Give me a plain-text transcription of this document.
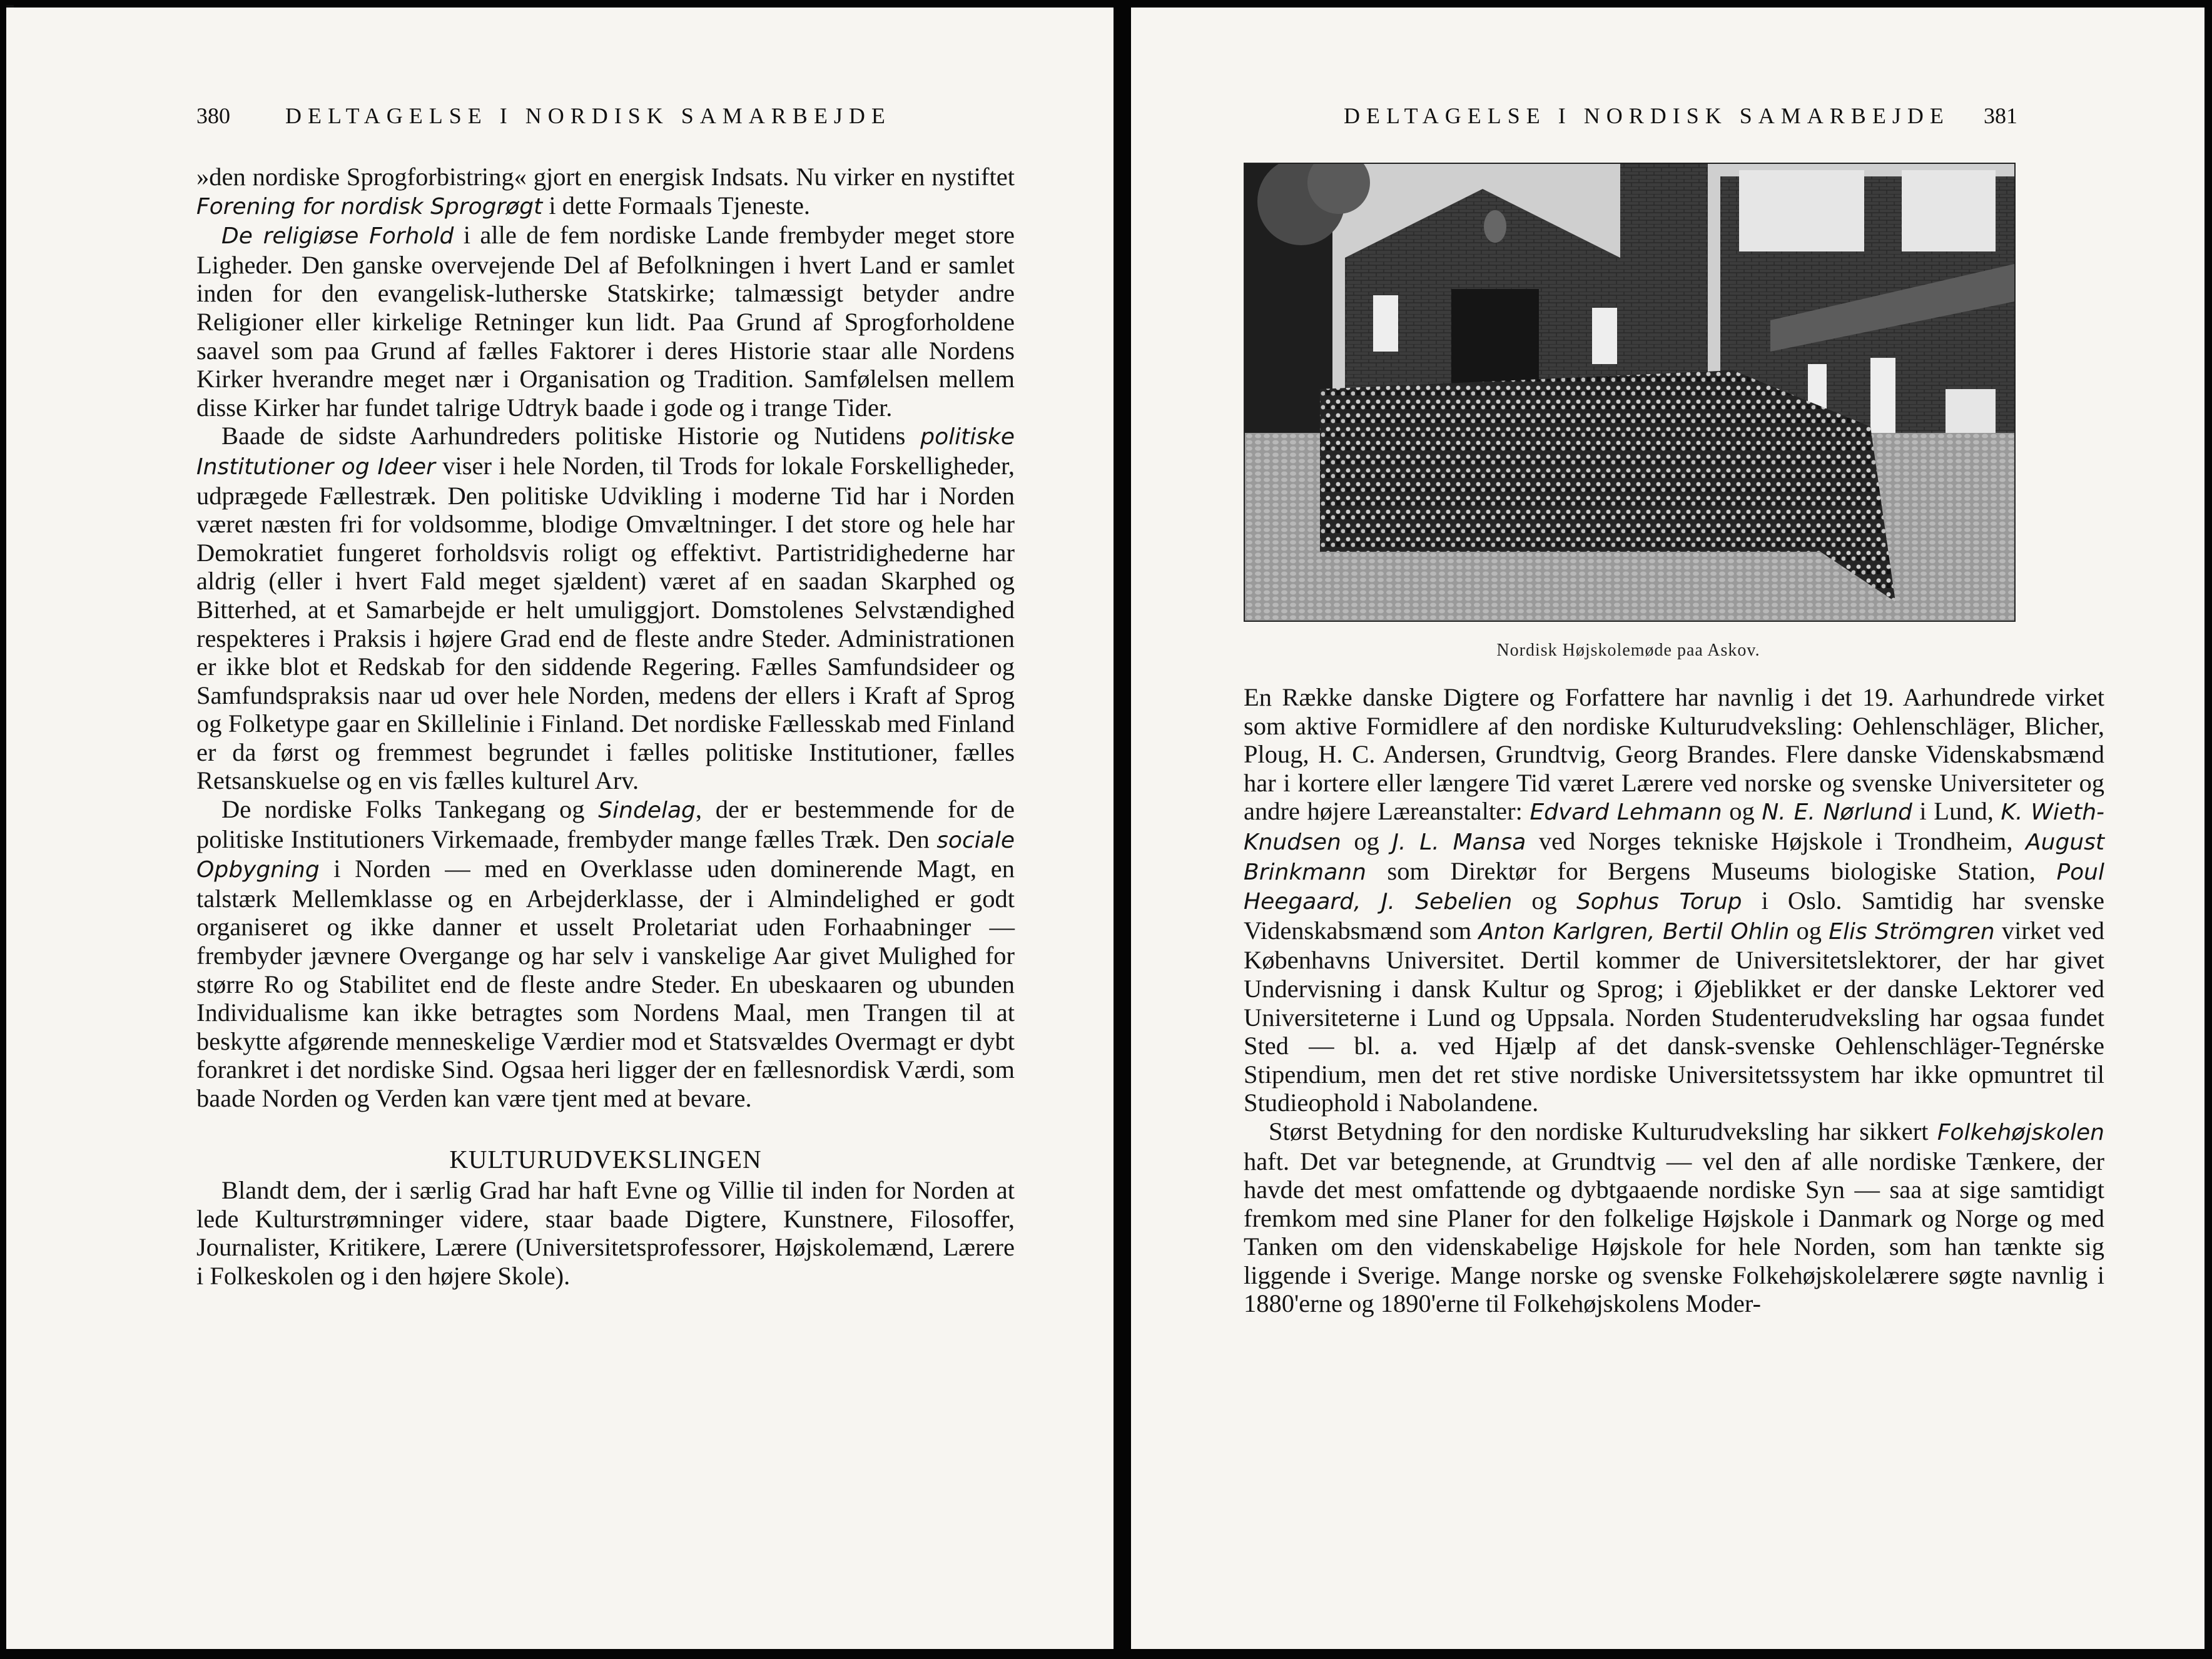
380 DELTAGELSE I NORDISK SAMARBEJDE

»den nordiske Sprogforbistring« gjort en energisk Indsats. Nu virker en nystiftet Forening for nordisk Sprogrøgt i dette Formaals Tjeneste.

De religiøse Forhold i alle de fem nordiske Lande frembyder meget store Ligheder. Den ganske overvejende Del af Befolkningen i hvert Land er samlet inden for den evangelisk-lutherske Statskirke; talmæssigt betyder andre Religioner eller kirkelige Retninger kun lidt. Paa Grund af Sprogforholdene saavel som paa Grund af fælles Faktorer i deres Historie staar alle Nordens Kirker hverandre meget nær i Organisation og Tradition. Samfølelsen mellem disse Kirker har fundet talrige Udtryk baade i gode og i trange Tider.

Baade de sidste Aarhundreders politiske Historie og Nutidens politiske Institutioner og Ideer viser i hele Norden, til Trods for lokale Forskelligheder, udprægede Fællestræk. Den politiske Udvikling i moderne Tid har i Norden været næsten fri for voldsomme, blodige Omvæltninger. I det store og hele har Demokratiet fungeret forholdsvis roligt og effektivt. Partistridighederne har aldrig (eller i hvert Fald meget sjældent) været af en saadan Skarphed og Bitterhed, at et Samarbejde er helt umuliggjort. Domstolenes Selvstændighed respekteres i Praksis i højere Grad end de fleste andre Steder. Administrationen er ikke blot et Redskab for den siddende Regering. Fælles Samfundsideer og Samfundspraksis naar ud over hele Norden, medens der ellers i Kraft af Sprog og Folketype gaar en Skillelinie i Finland. Det nordiske Fællesskab med Finland er da først og fremmest begrundet i fælles politiske Institutioner, fælles Retsanskuelse og en vis fælles kulturel Arv.

De nordiske Folks Tankegang og Sindelag, der er bestemmende for de politiske Institutioners Virkemaade, frembyder mange fælles Træk. Den sociale Opbygning i Norden — med en Overklasse uden dominerende Magt, en talstærk Mellemklasse og en Arbejderklasse, der i Almindelighed er godt organiseret og ikke danner et usselt Proletariat uden Forhaabninger — frembyder jævnere Overgange og har selv i vanskelige Aar givet Mulighed for større Ro og Stabilitet end de fleste andre Steder. En ubeskaaren og ubunden Individualisme kan ikke betragtes som Nordens Maal, men Trangen til at beskytte afgørende menneskelige Værdier mod et Statsvældes Overmagt er dybt forankret i det nordiske Sind. Ogsaa heri ligger der en fællesnordisk Værdi, som baade Norden og Verden kan være tjent med at bevare.

KULTURUDVEKSLINGEN

Blandt dem, der i særlig Grad har haft Evne og Villie til inden for Norden at lede Kulturstrømninger videre, staar baade Digtere, Kunstnere, Filosoffer, Journalister, Kritikere, Lærere (Universitetsprofessorer, Højskolemænd, Lærere i Folkeskolen og i den højere Skole).

DELTAGELSE I NORDISK SAMARBEJDE 381
Nordisk Højskolemøde paa Askov.

En Række danske Digtere og Forfattere har navnlig i det 19. Aarhundrede virket som aktive Formidlere af den nordiske Kulturudveksling: Oehlenschläger, Blicher, Ploug, H. C. Andersen, Grundtvig, Georg Brandes. Flere danske Videnskabsmænd har i kortere eller længere Tid været Lærere ved norske og svenske Universiteter og andre højere Læreanstalter: Edvard Lehmann og N. E. Nørlund i Lund, K. Wieth-Knudsen og J. L. Mansa ved Norges tekniske Højskole i Trondheim, August Brinkmann som Direktør for Bergens Museums biologiske Station, Poul Heegaard, J. Sebelien og Sophus Torup i Oslo. Samtidig har svenske Videnskabsmænd som Anton Karlgren, Bertil Ohlin og Elis Strömgren virket ved Københavns Universitet. Dertil kommer de Universitetslektorer, der har givet Undervisning i dansk Kultur og Sprog; i Øjeblikket er der danske Lektorer ved Universiteterne i Lund og Uppsala. Norden Studenterudveksling har ogsaa fundet Sted — bl. a. ved Hjælp af det dansk-svenske Oehlenschläger-Tegnérske Stipendium, men det ret stive nordiske Universitetssystem har ikke opmuntret til Studieophold i Nabolandene.

Størst Betydning for den nordiske Kulturudveksling har sikkert Folkehøjskolen haft. Det var betegnende, at Grundtvig — vel den af alle nordiske Tænkere, der havde det mest omfattende og dybtgaaende nordiske Syn — saa at sige samtidigt fremkom med sine Planer for den folkelige Højskole i Danmark og Norge og med Tanken om den videnskabelige Højskole for hele Norden, som han tænkte sig liggende i Sverige. Mange norske og svenske Folkehøjskolelærere søgte navnlig i 1880'erne og 1890'erne til Folkehøjskolens Moder-
